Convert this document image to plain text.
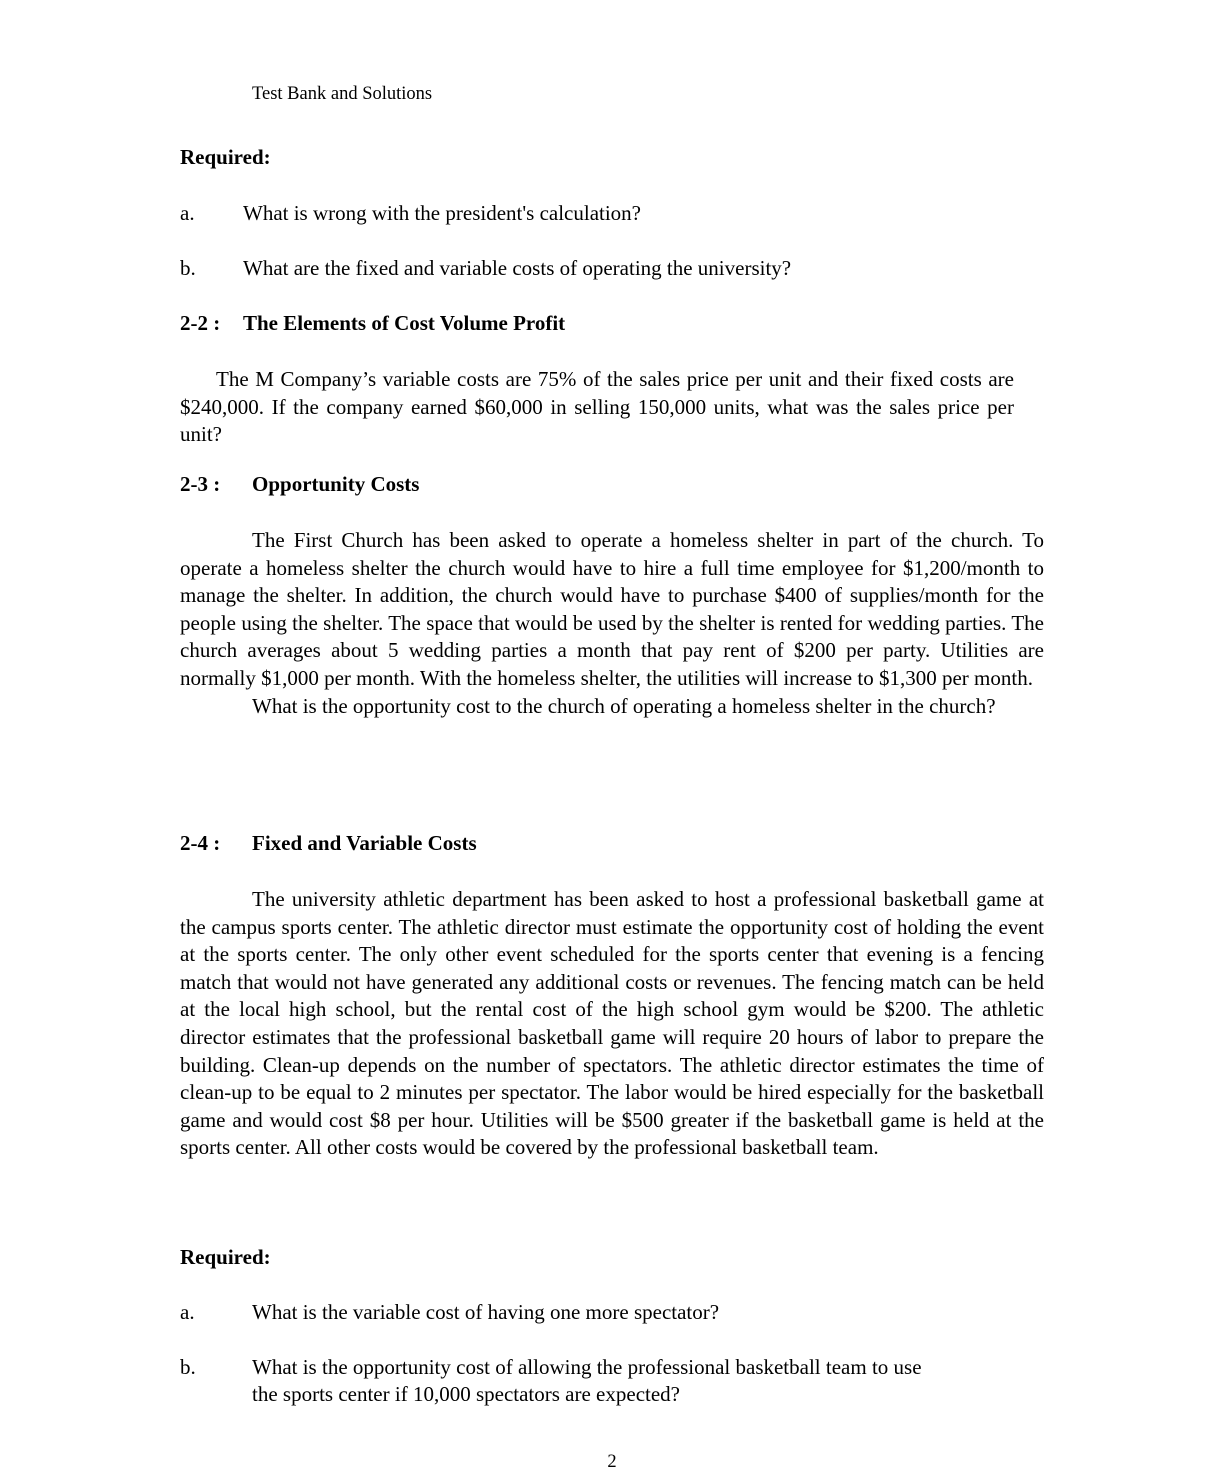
Test Bank and Solutions
Required:
a. What is wrong with the president's calculation?
b. What are the fixed and variable costs of operating the university?
2-2 : The Elements of Cost Volume Profit

The M Company’s variable costs are 75% of the sales price per unit and their fixed costs are $240,000. If the company earned $60,000 in selling 150,000 units, what was the sales price per unit?

2-3 : Opportunity Costs

The First Church has been asked to operate a homeless shelter in part of the church. To operate a homeless shelter the church would have to hire a full time employee for $1,200/month to manage the shelter. In addition, the church would have to purchase $400 of supplies/month for the people using the shelter. The space that would be used by the shelter is rented for wedding parties. The church averages about 5 wedding parties a month that pay rent of $200 per party. Utilities are normally $1,000 per month. With the homeless shelter, the utilities will increase to $1,300 per month.

What is the opportunity cost to the church of operating a homeless shelter in the church?

2-4 : Fixed and Variable Costs

The university athletic department has been asked to host a professional basketball game at the campus sports center. The athletic director must estimate the opportunity cost of holding the event at the sports center. The only other event scheduled for the sports center that evening is a fencing match that would not have generated any additional costs or revenues. The fencing match can be held at the local high school, but the rental cost of the high school gym would be $200. The athletic director estimates that the professional basketball game will require 20 hours of labor to prepare the building. Clean-up depends on the number of spectators. The athletic director estimates the time of clean-up to be equal to 2 minutes per spectator. The labor would be hired especially for the basketball game and would cost $8 per hour. Utilities will be $500 greater if the basketball game is held at the sports center. All other costs would be covered by the professional basketball team.

Required:
a.	What is the variable cost of having one more spectator?
b.	What is the opportunity cost of allowing the professional basketball team to use
the sports center if 10,000 spectators are expected?
2
